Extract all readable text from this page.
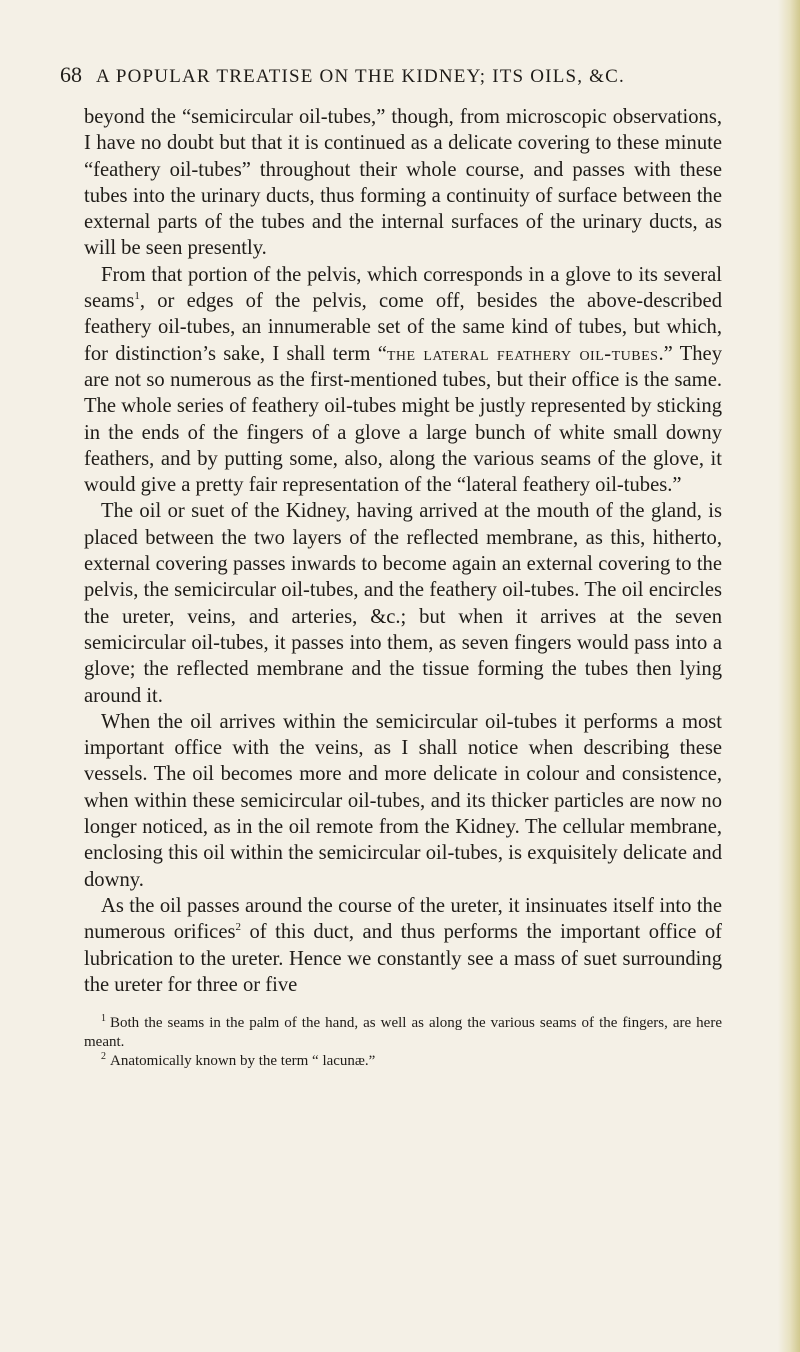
68 A POPULAR TREATISE ON THE KIDNEY; ITS OILS, &C.

beyond the “semicircular oil-tubes,” though, from microscopic observations, I have no doubt but that it is continued as a delicate covering to these minute “feathery oil-tubes” throughout their whole course, and passes with these tubes into the urinary ducts, thus forming a continuity of surface between the external parts of the tubes and the internal surfaces of the urinary ducts, as will be seen presently.

From that portion of the pelvis, which corresponds in a glove to its several seams$^1$, or edges of the pelvis, come off, besides the above-described feathery oil-tubes, an innumerable set of the same kind of tubes, but which, for distinction’s sake, I shall term “the lateral feathery oil-tubes.” They are not so numerous as the first-mentioned tubes, but their office is the same. The whole series of feathery oil-tubes might be justly represented by sticking in the ends of the fingers of a glove a large bunch of white small downy feathers, and by putting some, also, along the various seams of the glove, it would give a pretty fair representation of the “lateral feathery oil-tubes.”

The oil or suet of the Kidney, having arrived at the mouth of the gland, is placed between the two layers of the reflected membrane, as this, hitherto, external covering passes inwards to become again an external covering to the pelvis, the semicircular oil-tubes, and the feathery oil-tubes. The oil encircles the ureter, veins, and arteries, &c.; but when it arrives at the seven semicircular oil-tubes, it passes into them, as seven fingers would pass into a glove; the reflected membrane and the tissue forming the tubes then lying around it.

When the oil arrives within the semicircular oil-tubes it performs a most important office with the veins, as I shall notice when describing these vessels. The oil becomes more and more delicate in colour and consistence, when within these semicircular oil-tubes, and its thicker particles are now no longer noticed, as in the oil remote from the Kidney. The cellular membrane, enclosing this oil within the semicircular oil-tubes, is exquisitely delicate and downy.

As the oil passes around the course of the ureter, it insinuates itself into the numerous orifices$^2$ of this duct, and thus performs the important office of lubrication to the ureter. Hence we constantly see a mass of suet surrounding the ureter for three or five

$^1$ Both the seams in the palm of the hand, as well as along the various seams of the fingers, are here meant.

$^2$ Anatomically known by the term “ lacunæ.”
